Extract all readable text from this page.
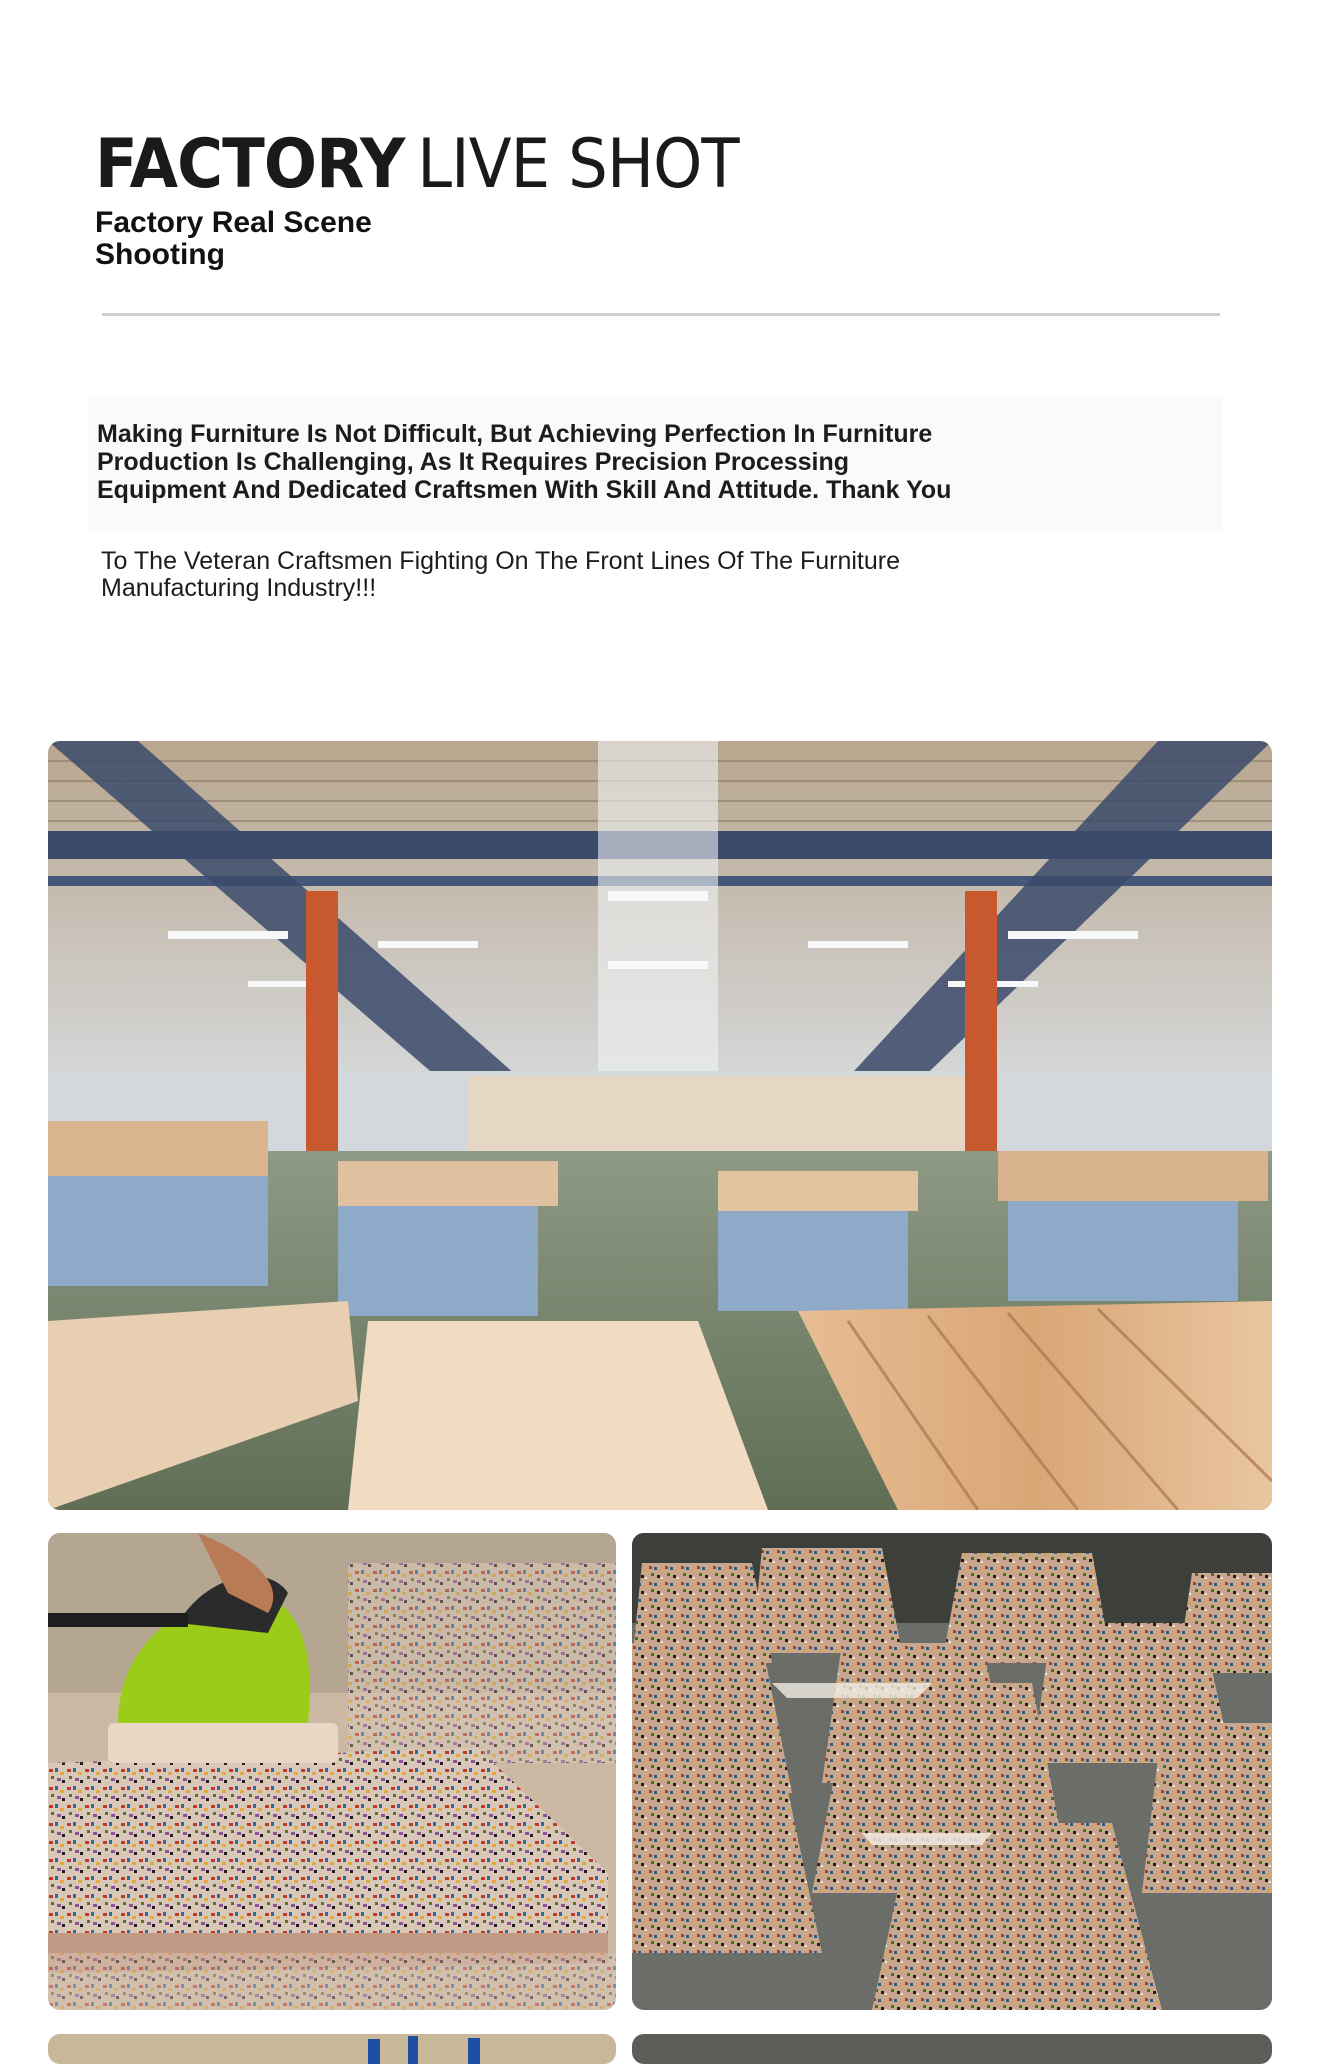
FACTORY LIVE SHOT
Factory Real Scene Shooting
Making Furniture Is Not Difficult, But Achieving Perfection In Furniture Production Is Challenging, As It Requires Precision Processing Equipment And Dedicated Craftsmen With Skill And Attitude. Thank You
To The Veteran Craftsmen Fighting On The Front Lines Of The Furniture Manufacturing Industry!!!
